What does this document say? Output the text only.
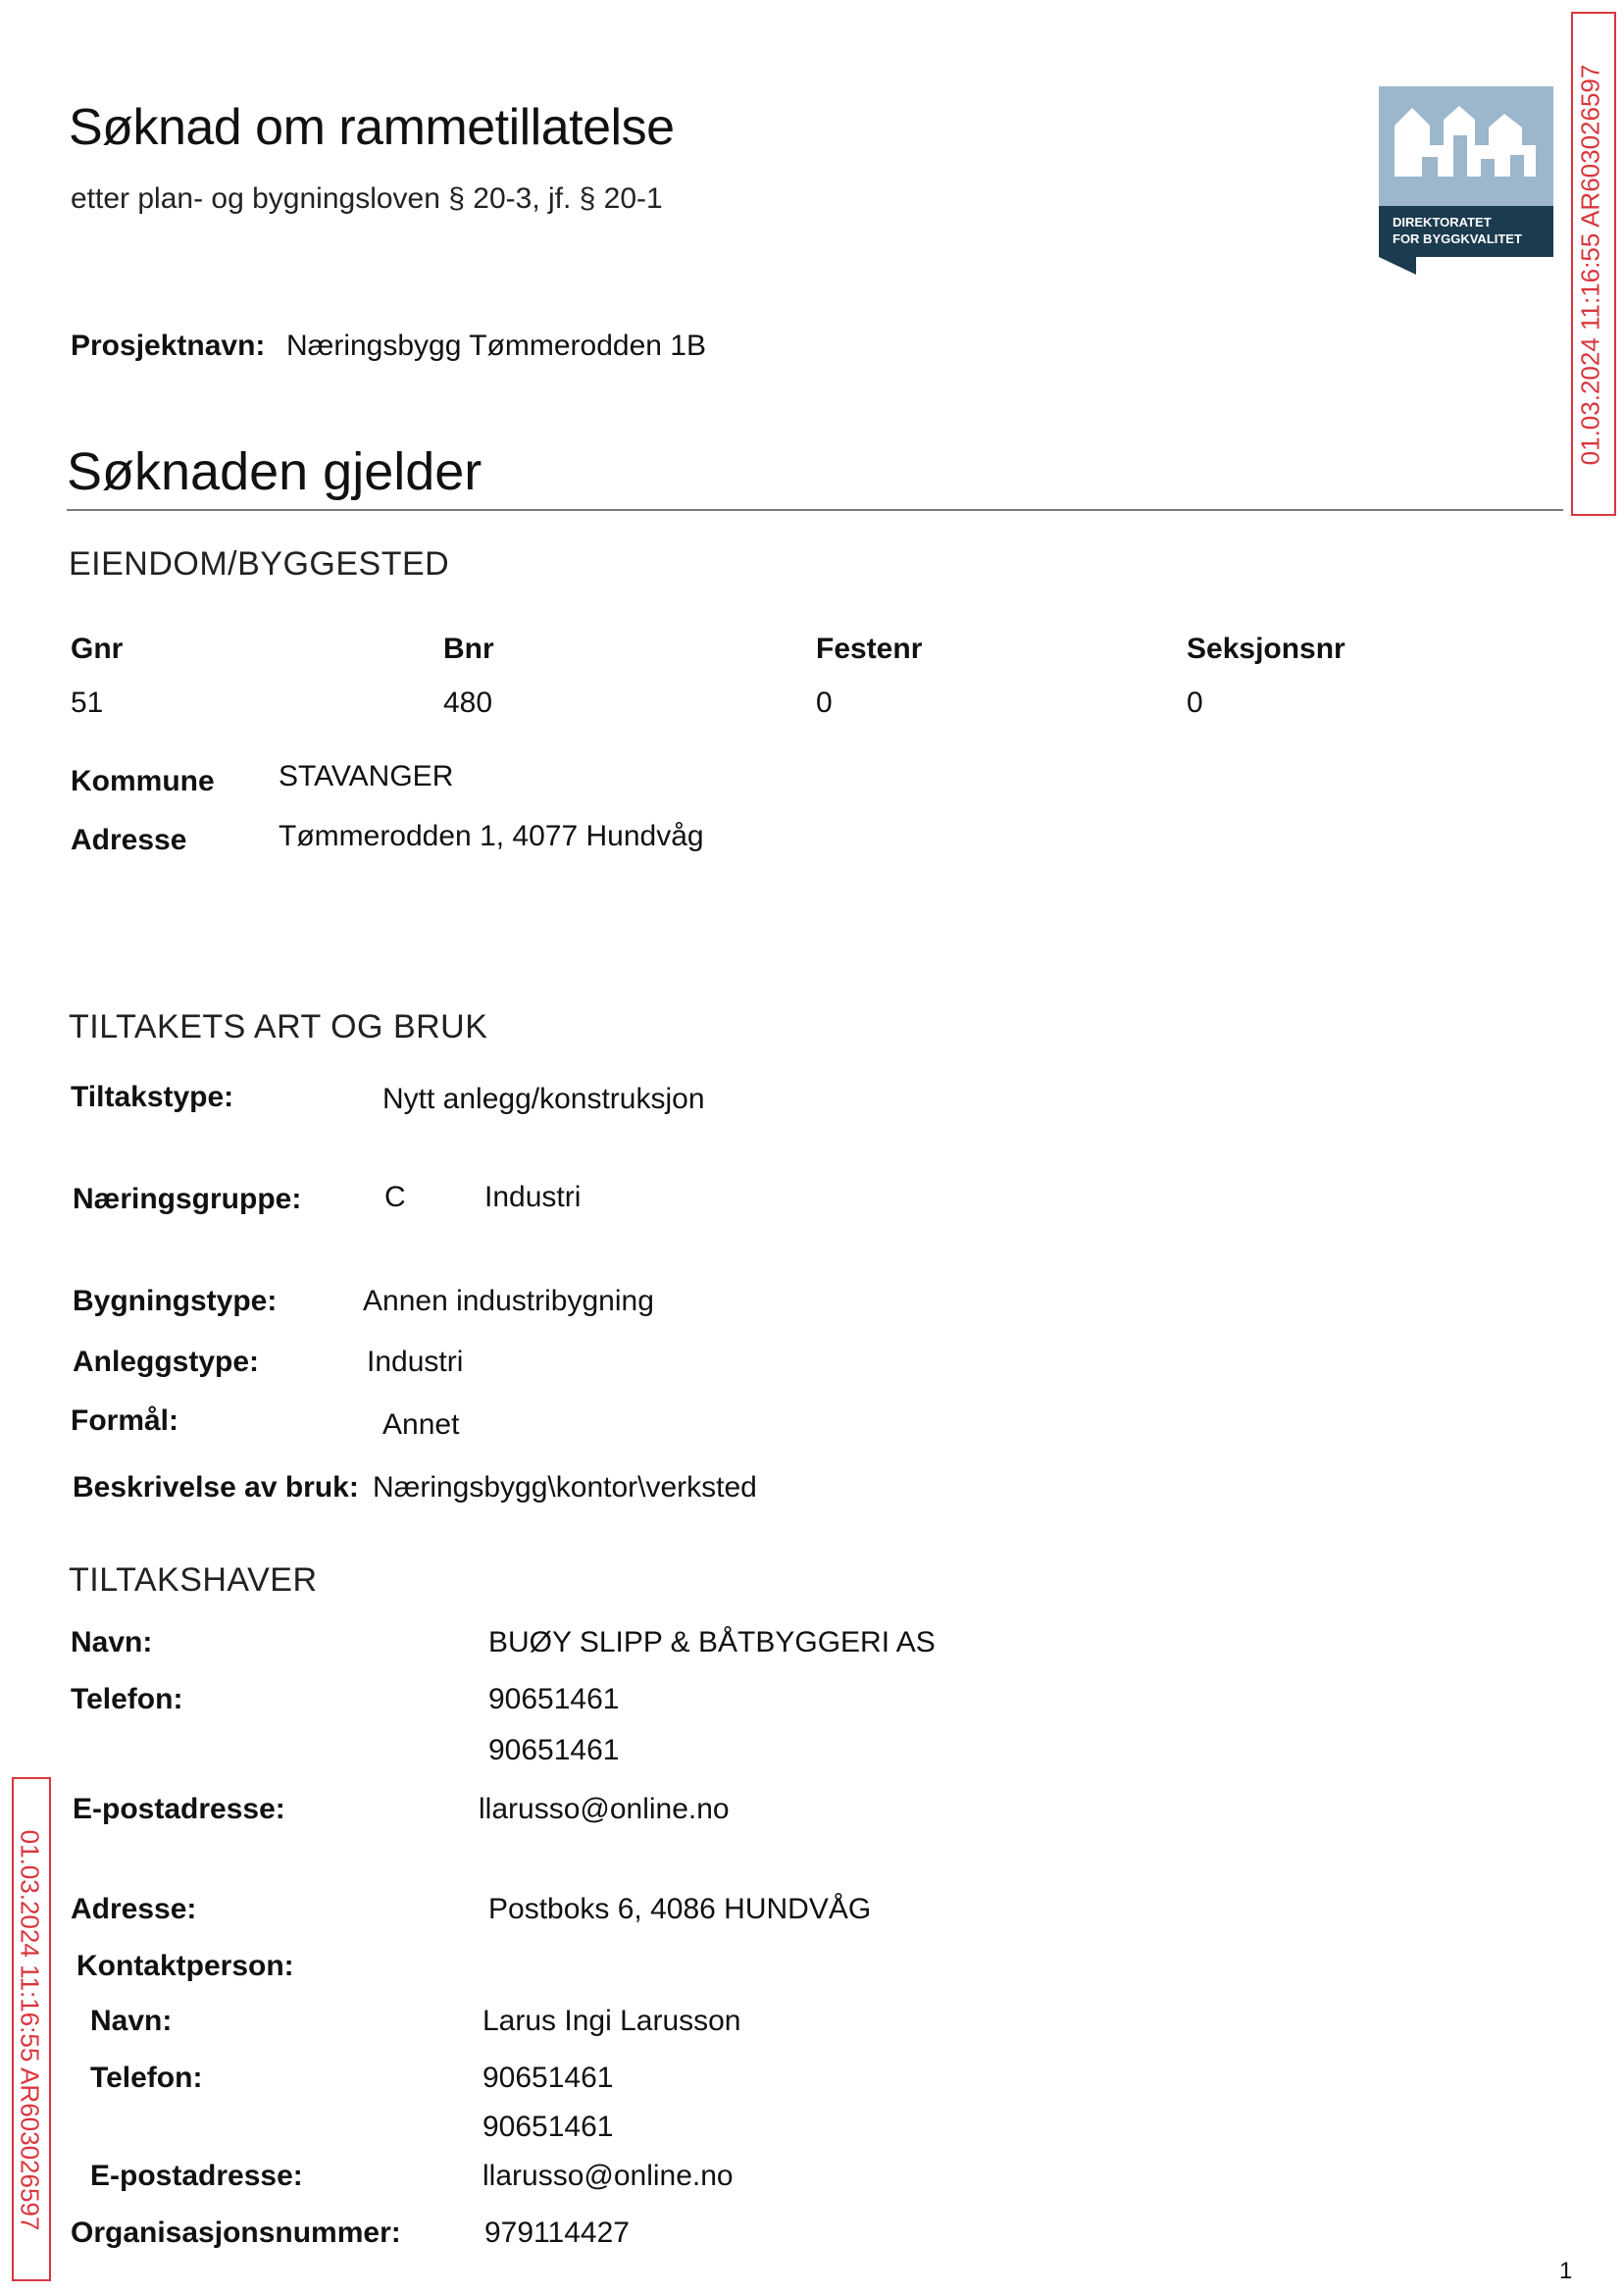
Søknad om rammetillatelse
etter plan- og bygningsloven § 20-3, jf. § 20-1
DIREKTORATET
FOR BYGGKVALITET 01.03.2024 11:16:55 AR603026597
Prosjektnavn: Næringsbygg Tømmerodden 1B
Søknaden gjelder
EIENDOM/BYGGESTED
Gnr	Bnr	Festenr	Seksjonsnr
51	480	0	0
Kommune STAVANGER
Adresse	Tømmerodden 1, 4077 Hundvåg
TILTAKETS ART OG BRUK
Tiltakstype:	Nytt anlegg/konstruksjon
Næringsgruppe:	C	Industri
Bygningstype:	Annen industribygning
Anleggstype:	Industri
Formål:	Annet
Beskrivelse av bruk: Næringsbygg\kontor\verksted
TILTAKSHAVER
Navn:	BUØY SLIPP & BÅTBYGGERI AS
Telefon:	90651461
90651461
E-postadresse:	llarusso@online.no
Adresse:	Postboks 6, 4086 HUNDVÅG
Kontaktperson:
Navn:	Larus Ingi Larusson
Telefon:	90651461
90651461
E-postadresse:	llarusso@online.no
Organisasjonsnummer:	979114427
01.03.2024 11:16:55 AR603026597
1
